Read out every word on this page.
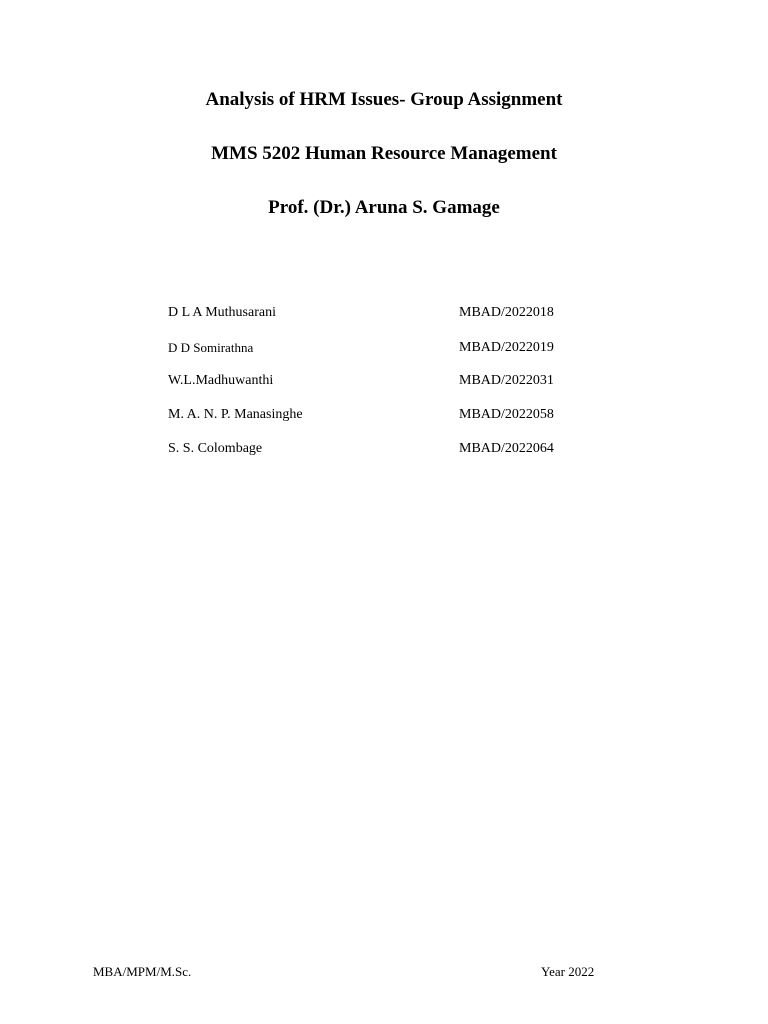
Analysis of HRM Issues- Group Assignment
MMS 5202 Human Resource Management
Prof. (Dr.) Aruna S. Gamage
D L A Muthusarani	MBAD/2022018
D D Somirathna	MBAD/2022019
W.L.Madhuwanthi	MBAD/2022031
M. A. N. P. Manasinghe	MBAD/2022058
S. S. Colombage	MBAD/2022064
MBA/MPM/M.Sc.	Year 2022
